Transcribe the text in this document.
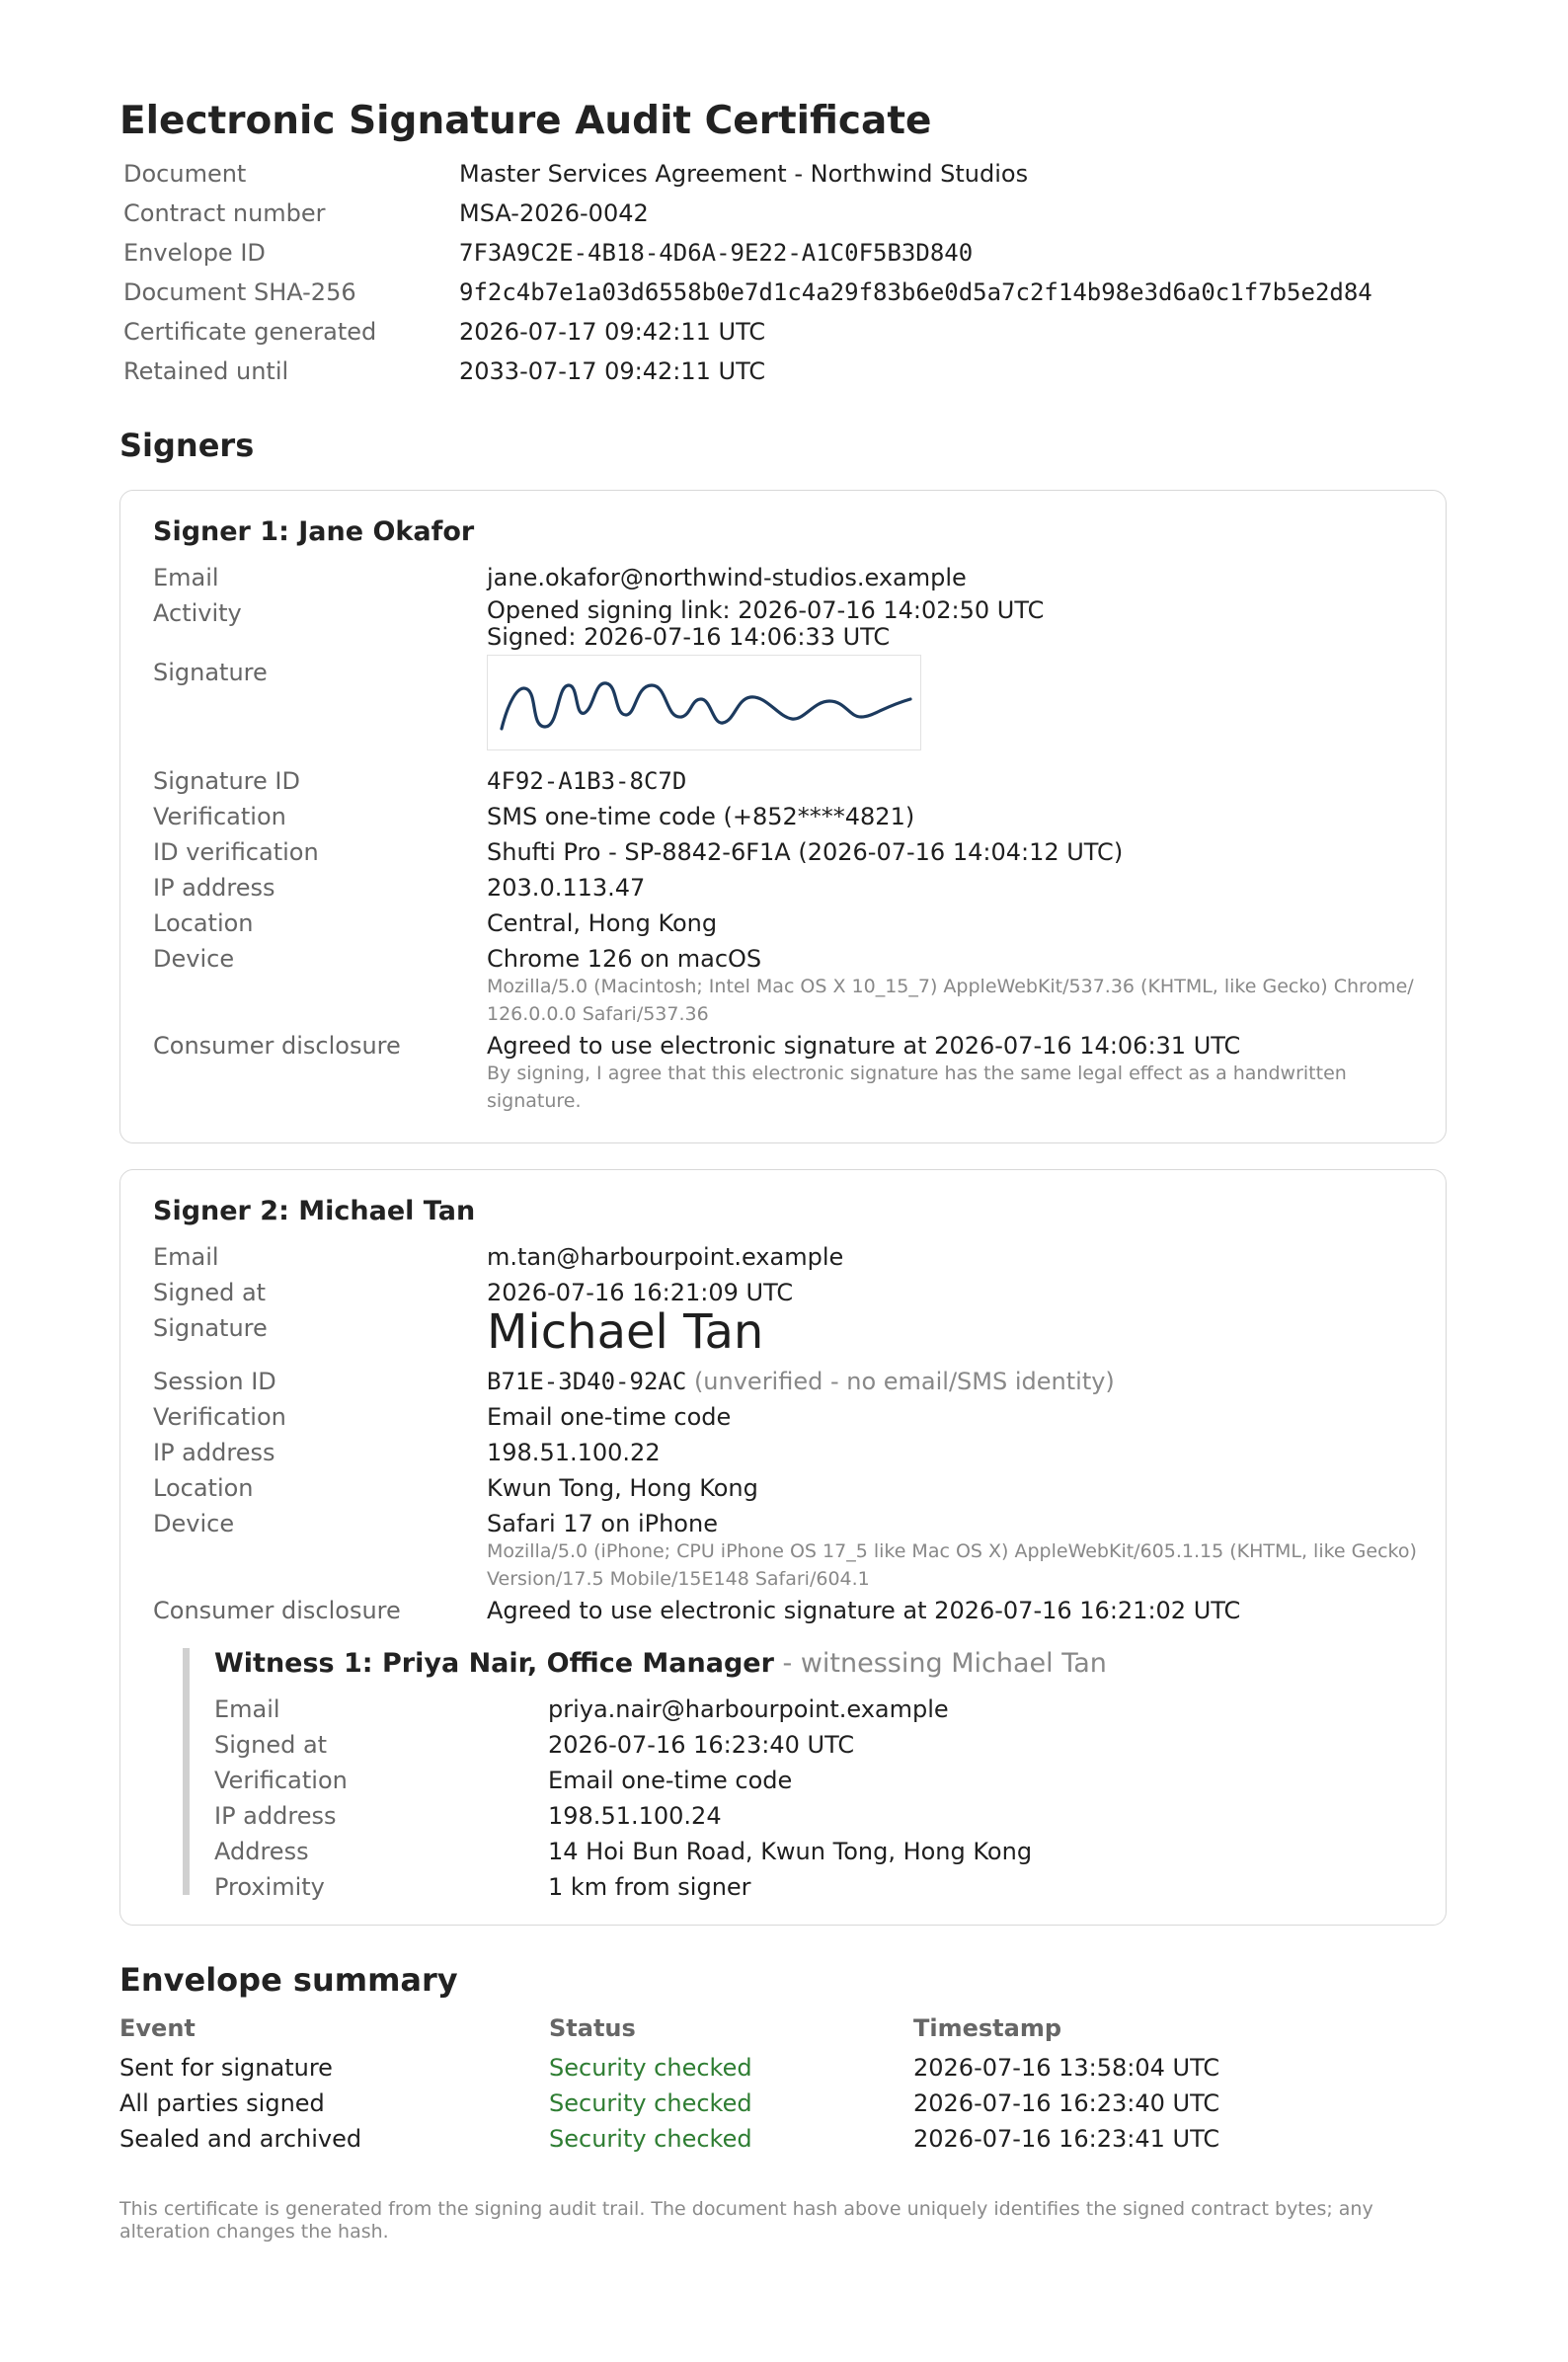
Electronic Signature Audit Certificate
Document	Master Services Agreement - Northwind Studios
Contract number	MSA-2026-0042
Envelope ID	7F3A9C2E-4B18-4D6A-9E22-A1C0F5B3D840
Document SHA-256	9f2c4b7e1a03d6558b0e7d1c4a29f83b6e0d5a7c2f14b98e3d6a0c1f7b5e2d84
Certificate generated	2026-07-17 09:42:11 UTC
Retained until	2033-07-17 09:42:11 UTC
Signers
Signer 1: Jane Okafor
Email	jane.okafor@northwind-studios.example
Activity	Opened signing link: 2026-07-16 14:02:50 UTC
Signed: 2026-07-16 14:06:33 UTC
Signature
Signature ID	4F92-A1B3-8C7D
Verification	SMS one-time code (+852****4821)
ID verification	Shufti Pro - SP-8842-6F1A (2026-07-16 14:04:12 UTC)
IP address	203.0.113.47
Location	Central, Hong Kong
Device	Chrome 126 on macOS
Mozilla/5.0 (Macintosh; Intel Mac OS X 10_15_7) AppleWebKit/537.36 (KHTML, like Gecko) Chrome/126.0.0.0 Safari/537.36
Consumer disclosure	Agreed to use electronic signature at 2026-07-16 14:06:31 UTC
By signing, I agree that this electronic signature has the same legal effect as a handwritten signature.
Signer 2: Michael Tan
Email	m.tan@harbourpoint.example
Signed at	2026-07-16 16:21:09 UTC
Signature	Michael Tan
Session ID	B71E-3D40-92AC (unverified - no email/SMS identity)
Verification	Email one-time code
IP address	198.51.100.22
Location	Kwun Tong, Hong Kong
Device	Safari 17 on iPhone
Mozilla/5.0 (iPhone; CPU iPhone OS 17_5 like Mac OS X) AppleWebKit/605.1.15 (KHTML, like Gecko) Version/17.5 Mobile/15E148 Safari/604.1
Consumer disclosure	Agreed to use electronic signature at 2026-07-16 16:21:02 UTC
Witness 1: Priya Nair, Office Manager - witnessing Michael Tan
Email	priya.nair@harbourpoint.example
Signed at	2026-07-16 16:23:40 UTC
Verification	Email one-time code
IP address	198.51.100.24
Address	14 Hoi Bun Road, Kwun Tong, Hong Kong
Proximity	1 km from signer
Envelope summary
Event	Status	Timestamp
Sent for signature	Security checked	2026-07-16 13:58:04 UTC
All parties signed	Security checked	2026-07-16 16:23:40 UTC
Sealed and archived	Security checked	2026-07-16 16:23:41 UTC
This certificate is generated from the signing audit trail. The document hash above uniquely identifies the signed contract bytes; any alteration changes the hash.
